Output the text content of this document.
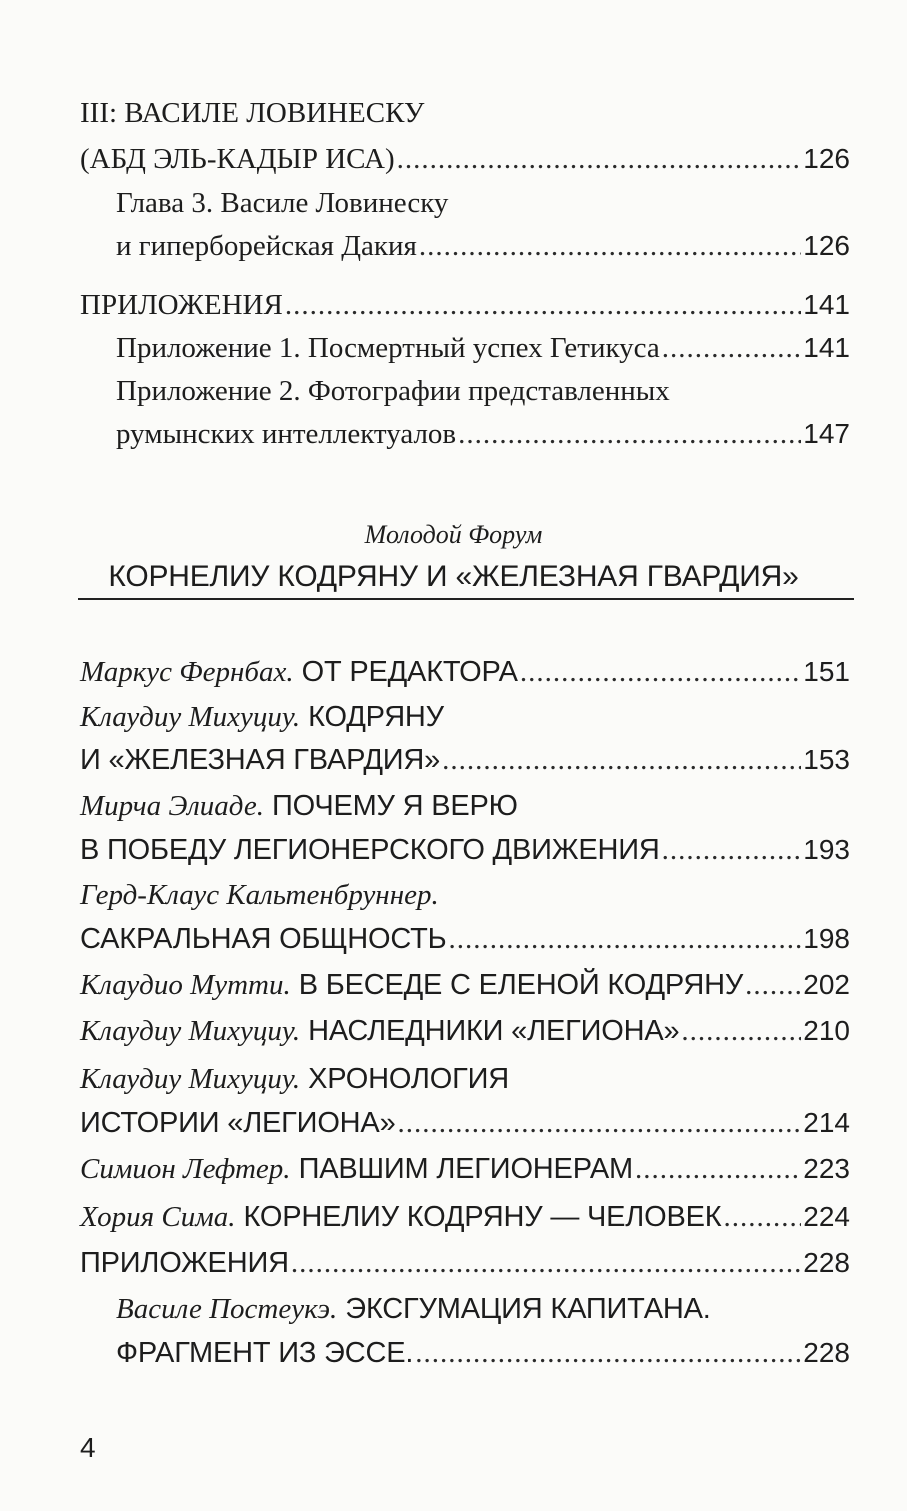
III: ВАСИЛЕ ЛОВИНЕСКУ
(АБД ЭЛЬ-КАДЫР ИСА) .....	126
Глава 3. Василе Ловинеску
и гиперборейская Дакия .....	126
ПРИЛОЖЕНИЯ .....	141
Приложение 1. Посмертный успех Гетикуса .....	141
Приложение 2. Фотографии представленных
румынских интеллектуалов .....	147
Молодой Форум
КОРНЕЛИУ КОДРЯНУ И «ЖЕЛЕЗНАЯ ГВАРДИЯ»
Маркус Фернбах. ОТ РЕДАКТОРА .....	151
Клаудиу Михуциу. КОДРЯНУ
И «ЖЕЛЕЗНАЯ ГВАРДИЯ» .....	153
Мирча Элиаде. ПОЧЕМУ Я ВЕРЮ
В ПОБЕДУ ЛЕГИОНЕРСКОГО ДВИЖЕНИЯ .....	193
Герд-Клаус Кальтенбруннер.
САКРАЛЬНАЯ ОБЩНОСТЬ .....	198
Клаудио Мутти. В БЕСЕДЕ С ЕЛЕНОЙ КОДРЯНУ ..... 202
Клаудиу Михуциу. НАСЛЕДНИКИ «ЛЕГИОНА» .....	210
Клаудиу Михуциу. ХРОНОЛОГИЯ
ИСТОРИИ «ЛЕГИОНА» .....	214
Симион Лефтер. ПАВШИМ ЛЕГИОНЕРАМ .....	223
Хория Сима. КОРНЕЛИУ КОДРЯНУ — ЧЕЛОВЕК .....	224
ПРИЛОЖЕНИЯ .....	228
Василе Постеукэ. ЭКСГУМАЦИЯ КАПИТАНА.
ФРАГМЕНТ ИЗ ЭССЕ. .....	228
4
